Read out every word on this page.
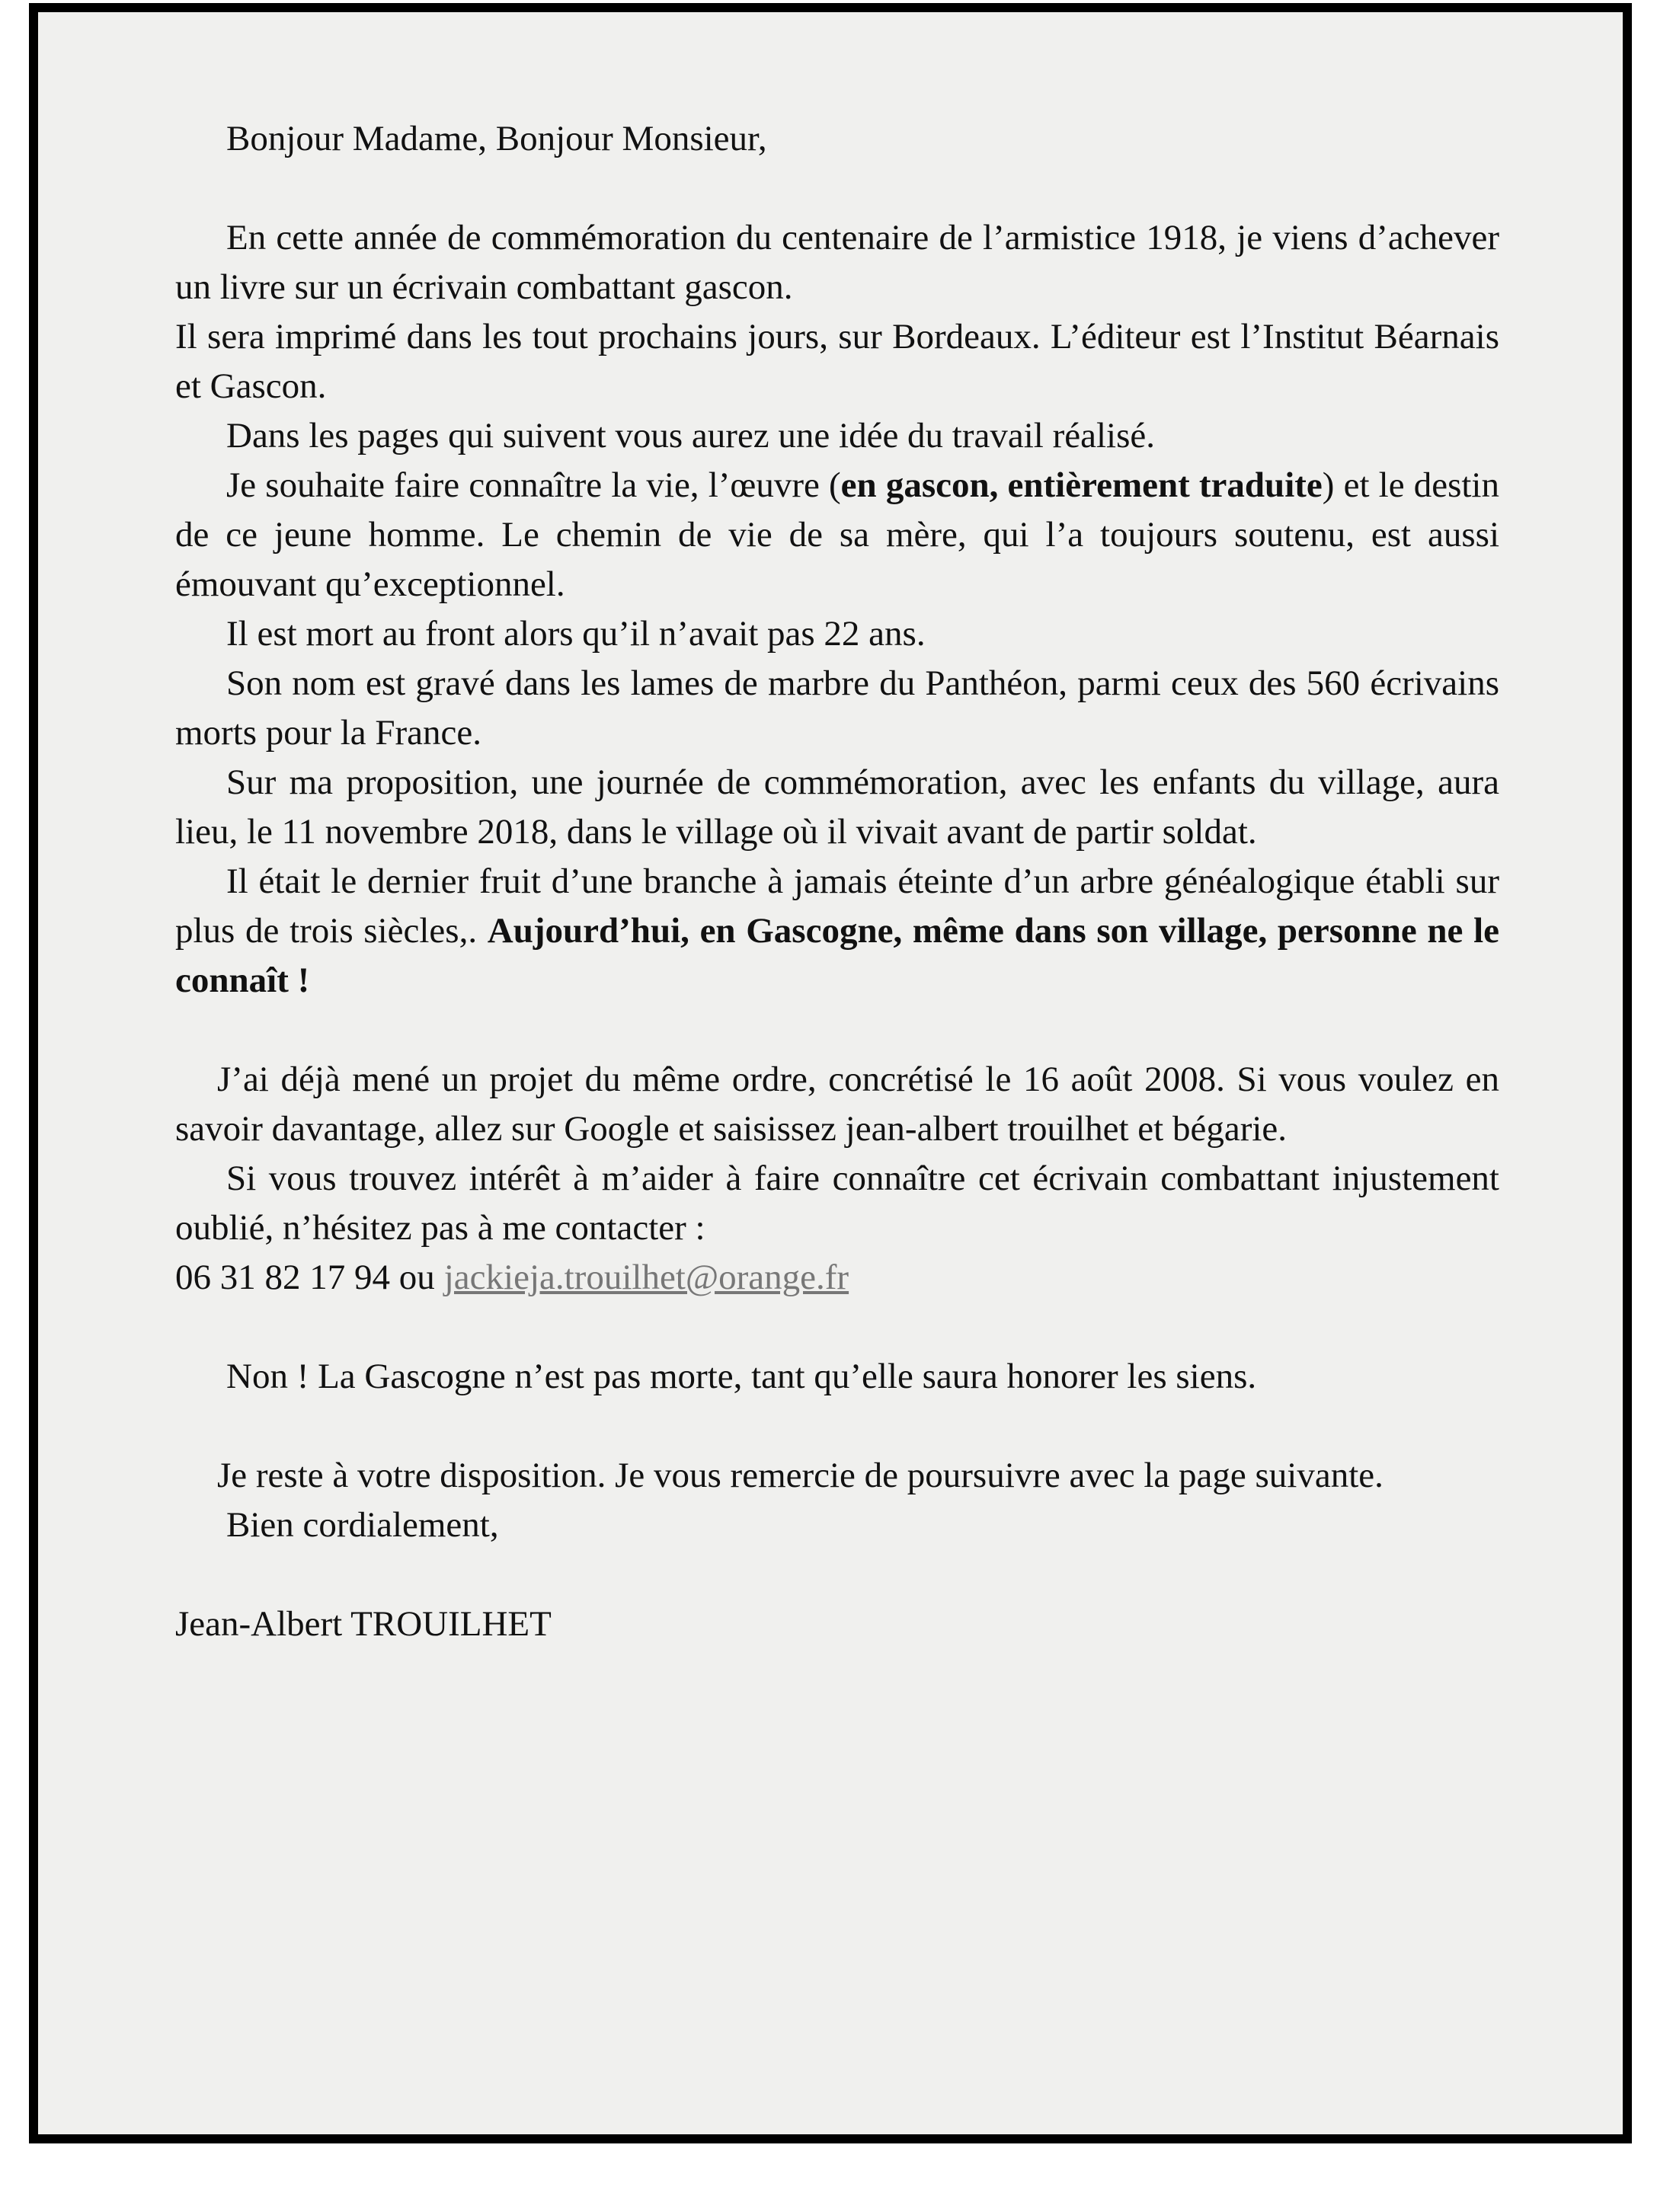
Bonjour Madame, Bonjour Monsieur,

En cette année de commémoration du centenaire de l’armistice 1918, je viens d’achever un livre sur un écrivain combattant gascon.

Il sera imprimé dans les tout prochains jours, sur Bordeaux. L’éditeur est l’Institut Béarnais et Gascon.

Dans les pages qui suivent vous aurez une idée du travail réalisé.

Je souhaite faire connaître la vie, l’œuvre (en gascon, entièrement traduite) et le destin de ce jeune homme. Le chemin de vie de sa mère, qui l’a toujours soutenu, est aussi émouvant qu’exceptionnel.

Il est mort au front alors qu’il n’avait pas 22 ans.

Son nom est gravé dans les lames de marbre du Panthéon, parmi ceux des 560 écrivains morts pour la France.

Sur ma proposition, une journée de commémoration, avec les enfants du village, aura lieu, le 11 novembre 2018, dans le village où il vivait avant de partir soldat.

Il était le dernier fruit d’une branche à jamais éteinte d’un arbre généalogique établi sur plus de trois siècles,. Aujourd’hui, en Gascogne, même dans son village, personne ne le connaît !

J’ai déjà mené un projet du même ordre, concrétisé le 16 août 2008. Si vous voulez en savoir davantage, allez sur Google et saisissez jean-albert trouilhet et bégarie.

Si vous trouvez intérêt à m’aider à faire connaître cet écrivain combattant injustement oublié, n’hésitez pas à me contacter :

06 31 82 17 94 ou jackieja.trouilhet@orange.fr

Non ! La Gascogne n’est pas morte, tant qu’elle saura honorer les siens.

Je reste à votre disposition. Je vous remercie de poursuivre avec la page suivante.

Bien cordialement,

Jean-Albert TROUILHET
